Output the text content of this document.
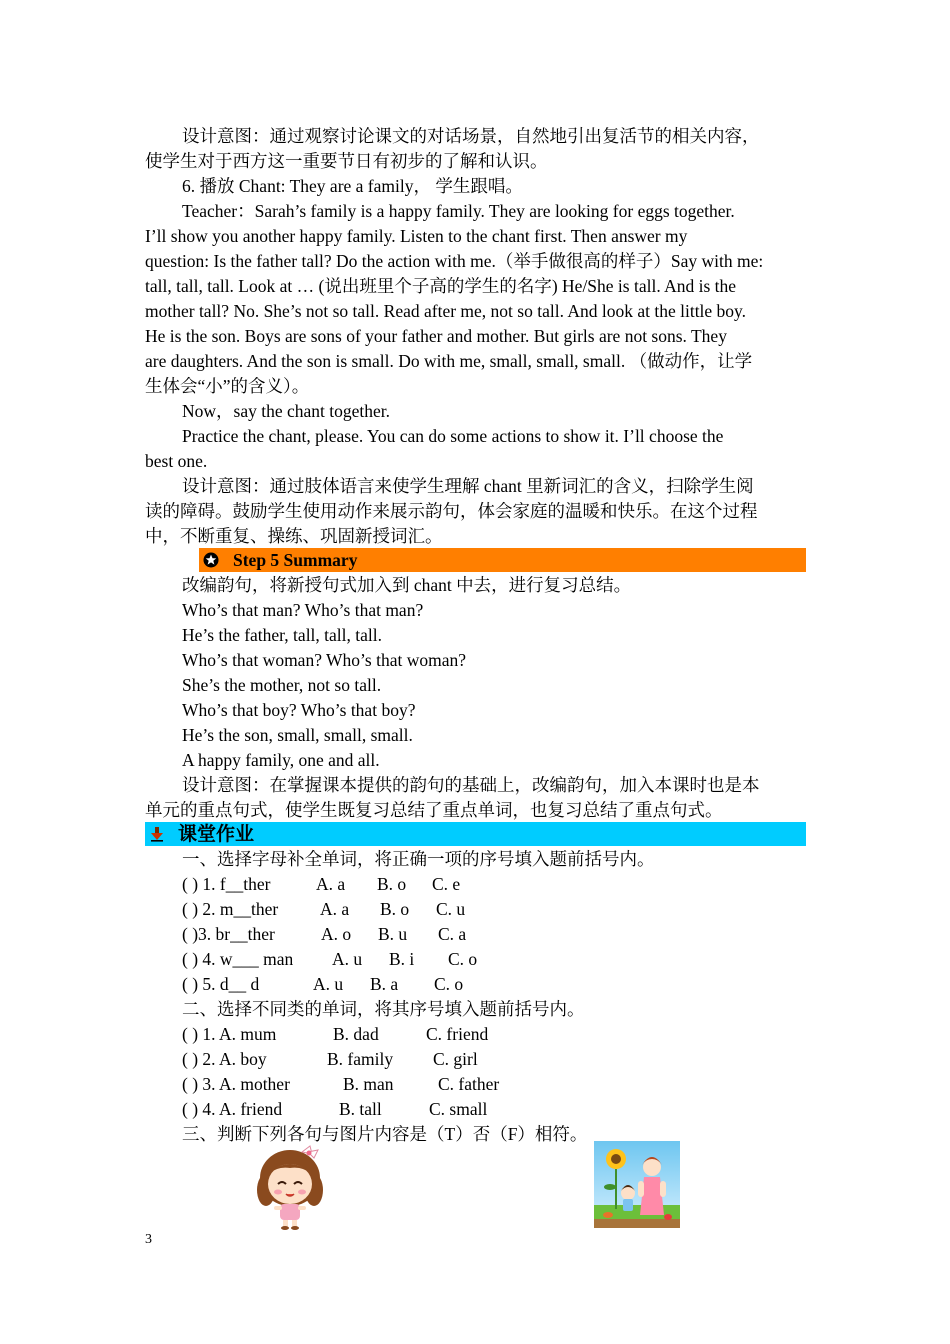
设计意图：通过观察讨论课文的对话场景，自然地引出复活节的相关内容，
使学生对于西方这一重要节日有初步的了解和认识。
6. 播放 Chant: They are a family， 学生跟唱。
Teacher：Sarah’s family is a happy family. They are looking for eggs together.
I’ll show you another happy family. Listen to the chant first. Then answer my
question: Is the father tall? Do the action with me.（举手做很高的样子）Say with me:
tall, tall, tall. Look at … (说出班里个子高的学生的名字) He/She is tall. And is the
mother tall? No. She’s not so tall. Read after me, not so tall. And look at the little boy.
He is the son. Boys are sons of your father and mother. But girls are not sons. They
are daughters. And the son is small. Do with me, small, small, small. （做动作，让学
生体会“小”的含义）。
Now，say the chant together.
Practice the chant, please. You can do some actions to show it. I’ll choose the
best one.
设计意图：通过肢体语言来使学生理解 chant 里新词汇的含义，扫除学生阅
读的障碍。鼓励学生使用动作来展示韵句，体会家庭的温暖和快乐。在这个过程
中，不断重复、操练、巩固新授词汇。
Step 5 Summary
改编韵句，将新授句式加入到 chant 中去，进行复习总结。
Who’s that man? Who’s that man?
He’s the father, tall, tall, tall.
Who’s that woman? Who’s that woman?
She’s the mother, not so tall.
Who’s that boy? Who’s that boy?
He’s the son, small, small, small.
A happy family, one and all.
设计意图：在掌握课本提供的韵句的基础上，改编韵句，加入本课时也是本
单元的重点句式，使学生既复习总结了重点单词，也复习总结了重点句式。
课堂作业
一、选择字母补全单词，将正确一项的序号填入题前括号内。
( ) 1. f__ther	A. a B. o C. e
( ) 2. m__ther A. a B. o C. u
( )3. br__ther	A. o B. u C. a
( ) 4. w___ man A. u B. i C. o
( ) 5. d__ d	A. u B. a C. o
二、选择不同类的单词，将其序号填入题前括号内。
( ) 1. A. mum	B. dad	C. friend
( ) 2. A. boy	B. family C. girl
( ) 3. A. mother	B. man	C. father
( ) 4. A. friend	B. tall	C. small
三、判断下列各句与图片内容是（T）否（F）相符。
3
